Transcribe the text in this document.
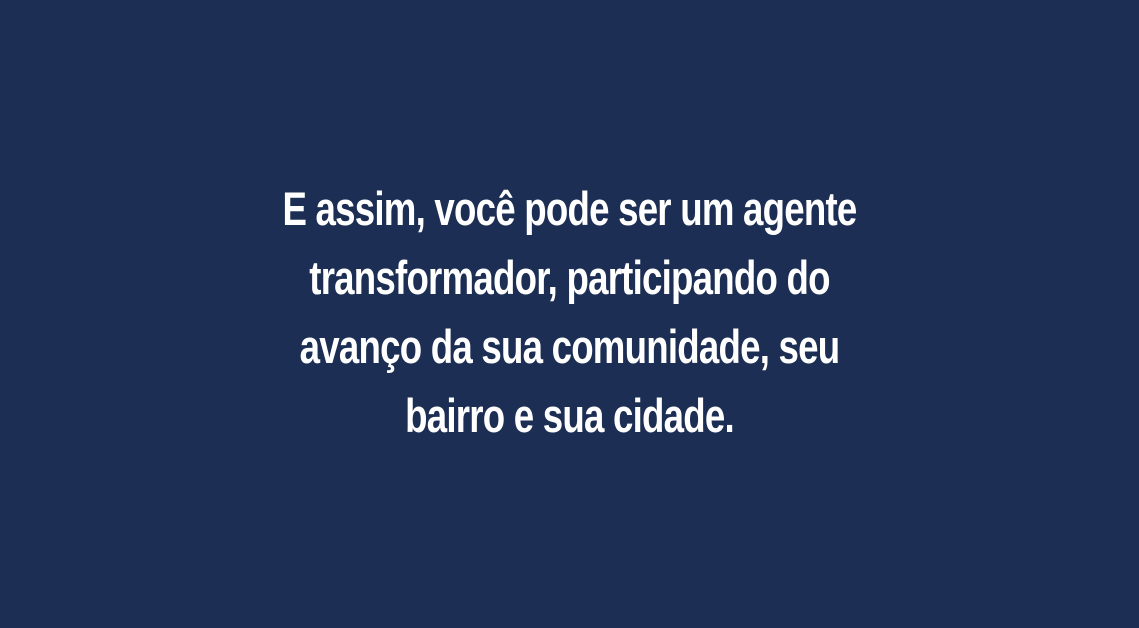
E assim, você pode ser um agente
transformador, participando do
avanço da sua comunidade, seu
bairro e sua cidade.
